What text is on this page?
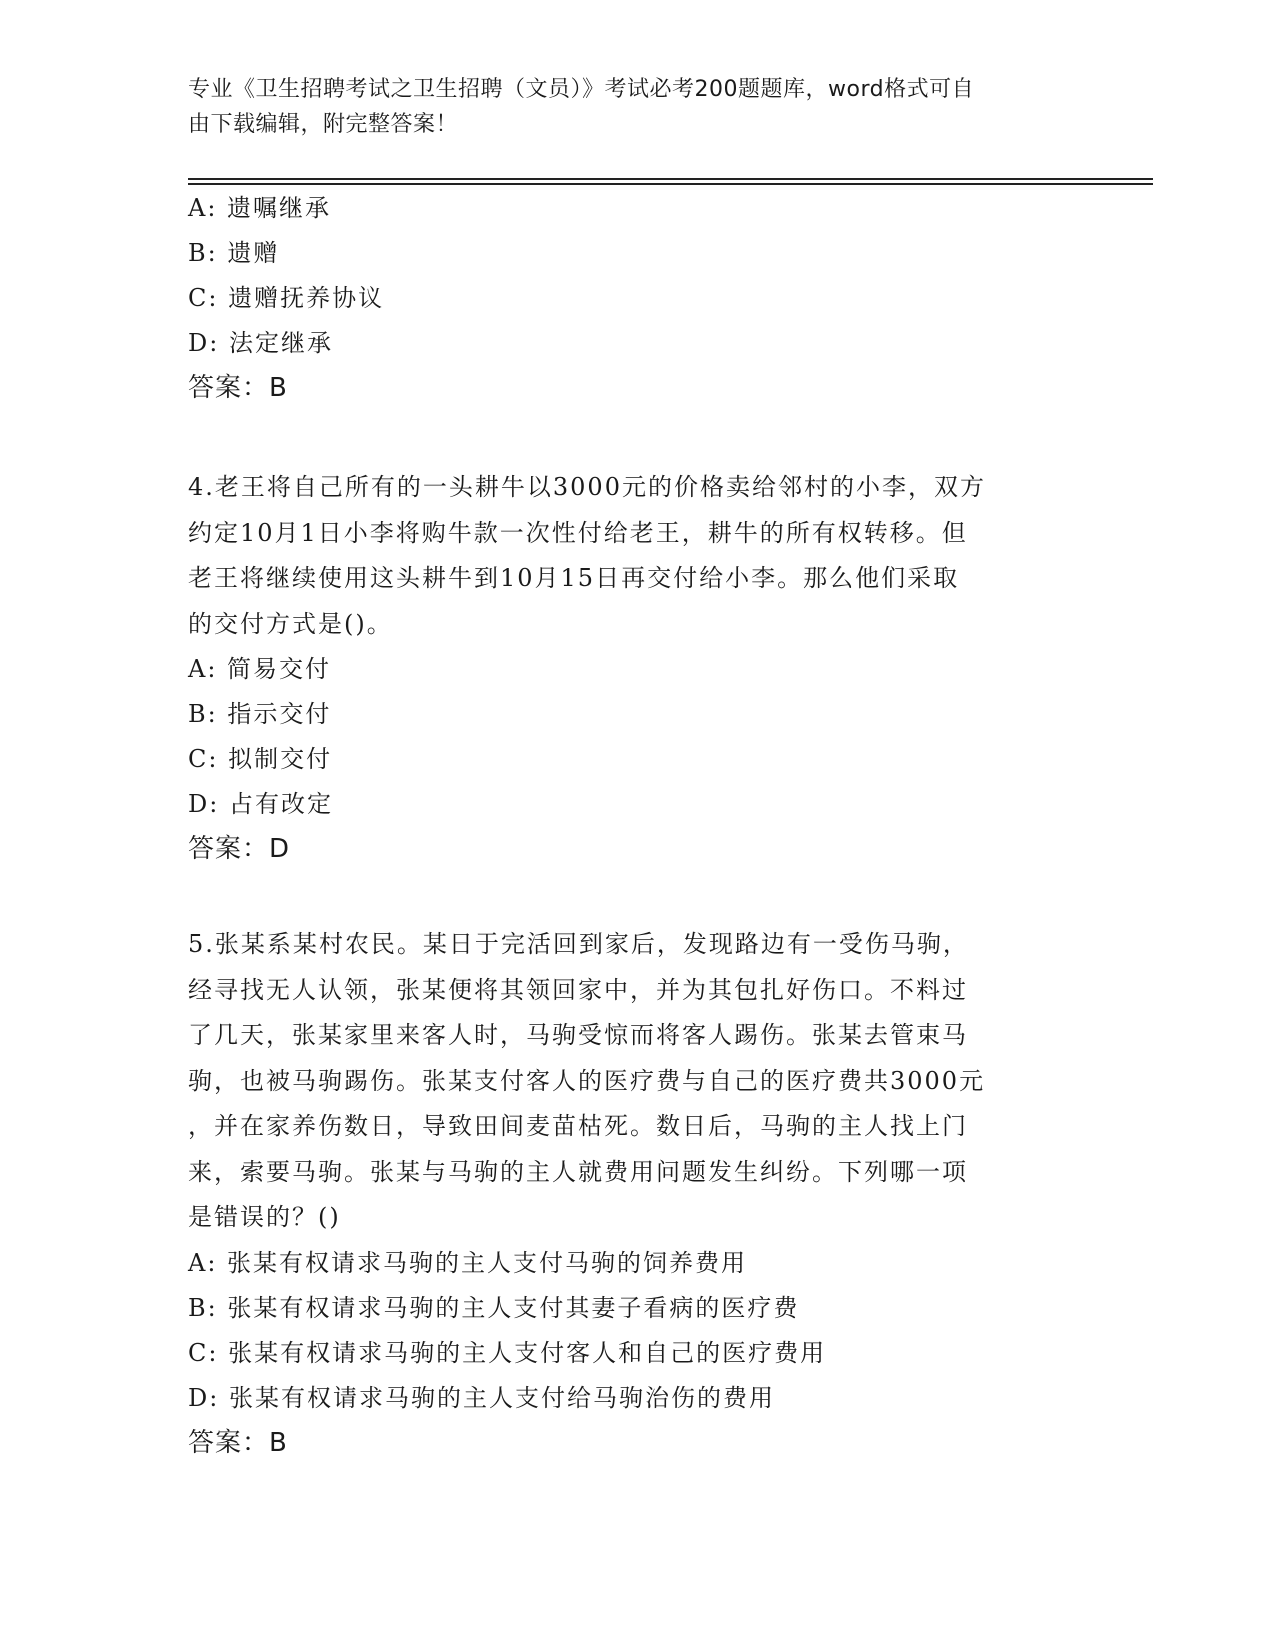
专业《卫生招聘考试之卫生招聘（文员）》考试必考200题题库，word格式可自
由下载编辑，附完整答案！
A: 遗嘱继承
B: 遗赠
C: 遗赠抚养协议
D: 法定继承
答案：B
4.老王将自己所有的一头耕牛以3000元的价格卖给邻村的小李，双方
约定10月1日小李将购牛款一次性付给老王，耕牛的所有权转移。但
老王将继续使用这头耕牛到10月15日再交付给小李。那么他们采取
的交付方式是()。
A: 简易交付
B: 指示交付
C: 拟制交付
D: 占有改定
答案：D
5.张某系某村农民。某日于完活回到家后，发现路边有一受伤马驹，
经寻找无人认领，张某便将其领回家中，并为其包扎好伤口。不料过
了几天，张某家里来客人时，马驹受惊而将客人踢伤。张某去管束马
驹，也被马驹踢伤。张某支付客人的医疗费与自己的医疗费共3000元
，并在家养伤数日，导致田间麦苗枯死。数日后，马驹的主人找上门
来，索要马驹。张某与马驹的主人就费用问题发生纠纷。下列哪一项
是错误的？()
A: 张某有权请求马驹的主人支付马驹的饲养费用
B: 张某有权请求马驹的主人支付其妻子看病的医疗费
C: 张某有权请求马驹的主人支付客人和自己的医疗费用
D: 张某有权请求马驹的主人支付给马驹治伤的费用
答案：B
